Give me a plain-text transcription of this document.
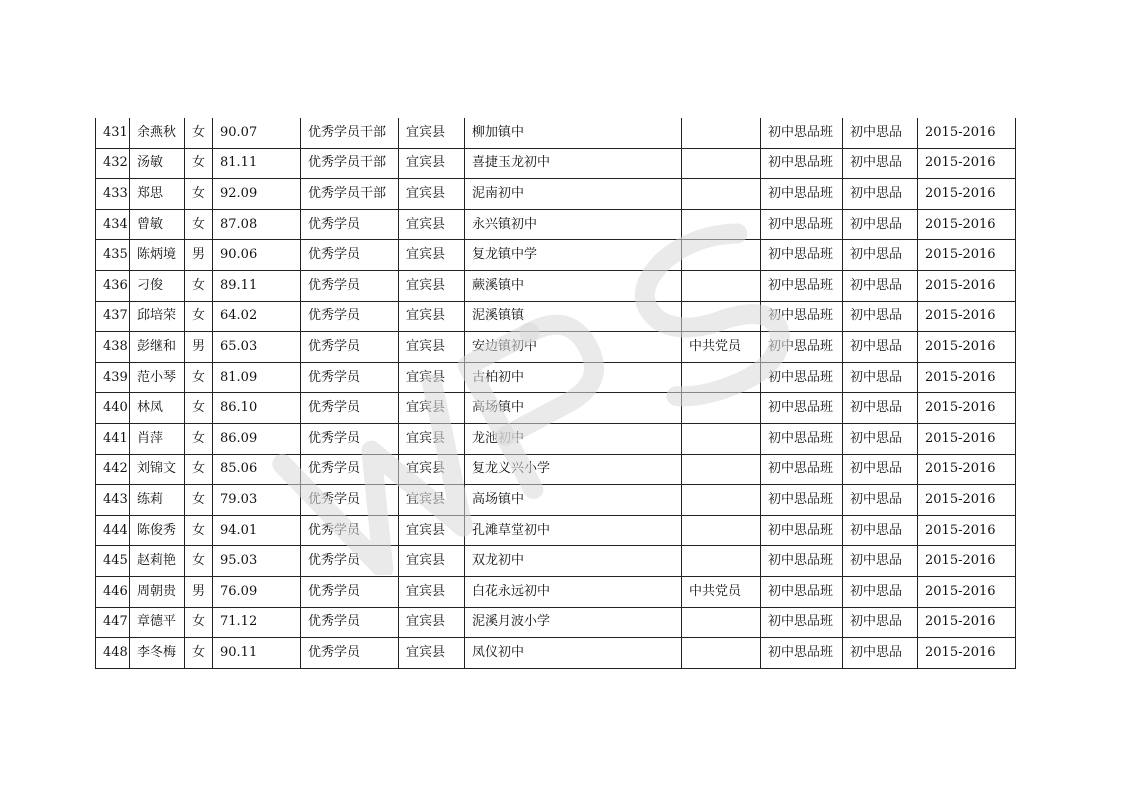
431	余燕秋	女	90.07	优秀学员干部	宜宾县	柳加镇中		初中思品班	初中思品	2015-2016
432	汤敏	女	81.11	优秀学员干部	宜宾县	喜捷玉龙初中		初中思品班	初中思品	2015-2016
433	郑思	女	92.09	优秀学员干部	宜宾县	泥南初中		初中思品班	初中思品	2015-2016
434	曾敏	女	87.08	优秀学员	宜宾县	永兴镇初中		初中思品班	初中思品	2015-2016
435	陈炳境	男	90.06	优秀学员	宜宾县	复龙镇中学		初中思品班	初中思品	2015-2016
436	刁俊	女	89.11	优秀学员	宜宾县	蕨溪镇中		初中思品班	初中思品	2015-2016
437	邱培荣	女	64.02	优秀学员	宜宾县	泥溪镇镇		初中思品班	初中思品	2015-2016
438	彭继和	男	65.03	优秀学员	宜宾县	安边镇初中	中共党员	初中思品班	初中思品	2015-2016
439	范小琴	女	81.09	优秀学员	宜宾县	古柏初中		初中思品班	初中思品	2015-2016
440	林凤	女	86.10	优秀学员	宜宾县	高场镇中		初中思品班	初中思品	2015-2016
441	肖萍	女	86.09	优秀学员	宜宾县	龙池初中		初中思品班	初中思品	2015-2016
442	刘锦文	女	85.06	优秀学员	宜宾县	复龙义兴小学		初中思品班	初中思品	2015-2016
443	练莉	女	79.03	优秀学员	宜宾县	高场镇中		初中思品班	初中思品	2015-2016
444	陈俊秀	女	94.01	优秀学员	宜宾县	孔滩草堂初中		初中思品班	初中思品	2015-2016
445	赵莉艳	女	95.03	优秀学员	宜宾县	双龙初中		初中思品班	初中思品	2015-2016
446	周朝贵	男	76.09	优秀学员	宜宾县	白花永远初中	中共党员	初中思品班	初中思品	2015-2016
447	章德平	女	71.12	优秀学员	宜宾县	泥溪月波小学		初中思品班	初中思品	2015-2016
448	李冬梅	女	90.11	优秀学员	宜宾县	凤仪初中		初中思品班	初中思品	2015-2016
